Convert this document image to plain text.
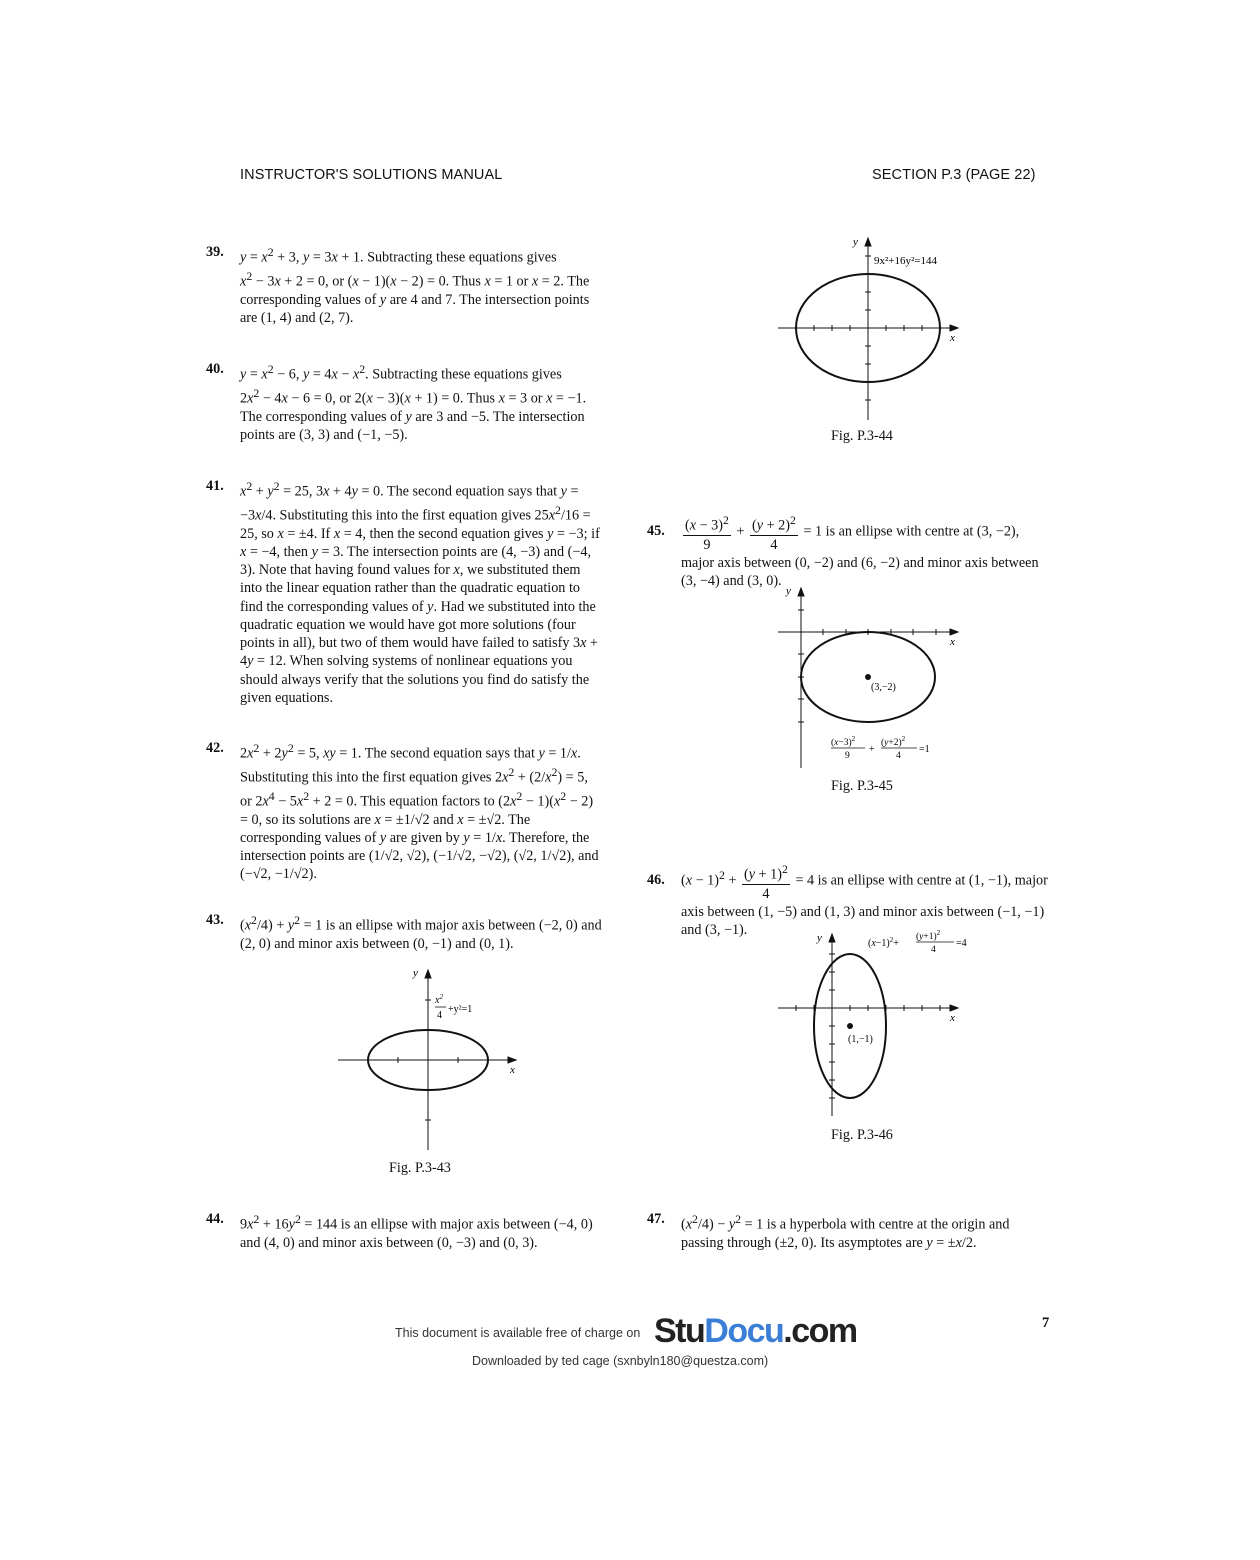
INSTRUCTOR'S SOLUTIONS MANUAL	SECTION P.3 (PAGE 22)
39. $y = x^2 + 3$, y = 3x + 1. Subtracting these equations gives
$x^2 - 3x + 2 = 0$, or (x − 1)(x − 2) = 0. Thus x = 1 or x = 2. The corresponding values of y are 4 and 7. The intersection points are (1, 4) and (2, 7).

40. $y = x^2 - 6$, $y = 4x - x^2$. Subtracting these equations gives
$2x^2 - 4x - 6 = 0$, or 2(x − 3)(x + 1) = 0. Thus x = 3 or x = −1. The corresponding values of y are 3 and −5. The intersection points are (3, 3) and (−1, −5).

41. $x^2 + y^2 = 25$, 3x + 4y = 0. The second equation says that y = −3x/4. Substituting this into the first equation gives $25x^2/16 = 25$, so x = ±4. If x = 4, then the second equation gives y = −3; if x = −4, then y = 3. The intersection points are (4, −3) and (−4, 3). Note that having found values for x, we substituted them into the linear equation rather than the quadratic equation to find the corresponding values of y. Had we substituted into the quadratic equation we would have got more solutions (four points in all), but two of them would have failed to satisfy 3x + 4y = 12. When solving systems of nonlinear equations you should always verify that the solutions you find do satisfy the given equations.

42. $2x^2 + 2y^2 = 5$, xy = 1. The second equation says that y = 1/x. Substituting this into the first equation gives $2x^2 + (2/x^2) = 5$, or $2x^4 - 5x^2 + 2 = 0$. This equation factors to $(2x^2 - 1)(x^2 - 2) = 0$, so its solutions are x = ±1/√2 and x = ±√2. The corresponding values of y are given by y = 1/x. Therefore, the intersection points are (1/√2, √2), (−1/√2, −√2), (√2, 1/√2), and (−√2, −1/√2).

43. $(x^2/4) + y^2 = 1$ is an ellipse with major axis between (−2, 0) and (2, 0) and minor axis between (0, −1) and (0, 1).

x
y
$x^2$
4
+y²=1
Fig. P.3-43
44. $9x^2 + 16y^2 = 144$ is an ellipse with major axis between (−4, 0) and (4, 0) and minor axis between (0, −3) and (0, 3).

x
y
9x²+16y²=144
Fig. P.3-44
45. $\frac{(x - 3)^2}{9} + \frac{(y + 2)^2}{4} = 1$ is an ellipse with centre at (3, −2), major axis between (0, −2) and (6, −2) and minor axis between (3, −4) and (3, 0).

(3,−2)
x
y
$(x-3)^2$
9
+
$(y+2)^2$
4
=1
Fig. P.3-45
46. $(x - 1)^2 + \frac{(y + 1)^2}{4} = 4$ is an ellipse with centre at (1, −1), major axis between (1, −5) and (1, 3) and minor axis between (−1, −1) and (3, −1).

(1,−1)
x
y	$(x-1)^2+$
$(y+1)^2$
4
=4
Fig. P.3-46
47. $(x^2/4) - y^2 = 1$ is a hyperbola with centre at the origin and passing through (±2, 0). Its asymptotes are y = ±x/2.

7
This document is available free of charge on StuDocu.com
Downloaded by ted cage (sxnbyln180@questza.com)
